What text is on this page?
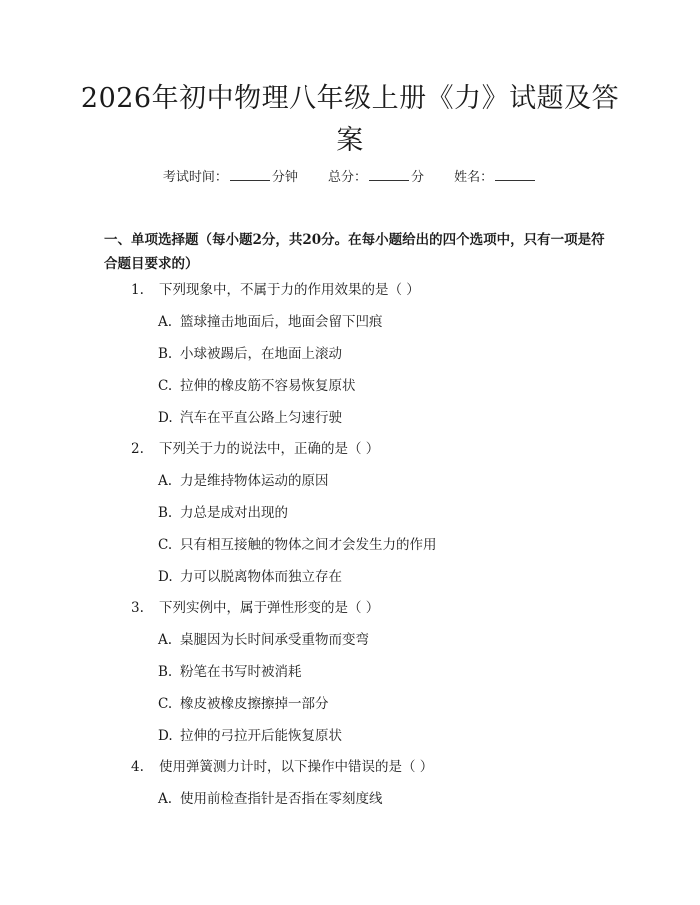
2026年初中物理八年级上册《力》试题及答案
考试时间：	分钟 总分：	分 姓名：
一、单项选择题（每小题2分，共20分。在每小题给出的四个选项中，只有一项是符合题目要求的）
1. 下列现象中，不属于力的作用效果的是（ ）
A. 篮球撞击地面后，地面会留下凹痕
B. 小球被踢后，在地面上滚动
C. 拉伸的橡皮筋不容易恢复原状
D. 汽车在平直公路上匀速行驶
2. 下列关于力的说法中，正确的是（ ）
A. 力是维持物体运动的原因
B. 力总是成对出现的
C. 只有相互接触的物体之间才会发生力的作用
D. 力可以脱离物体而独立存在
3. 下列实例中，属于弹性形变的是（ ）
A. 桌腿因为长时间承受重物而变弯
B. 粉笔在书写时被消耗
C. 橡皮被橡皮擦擦掉一部分
D. 拉伸的弓拉开后能恢复原状
4. 使用弹簧测力计时，以下操作中错误的是（ ）
A. 使用前检查指针是否指在零刻度线
